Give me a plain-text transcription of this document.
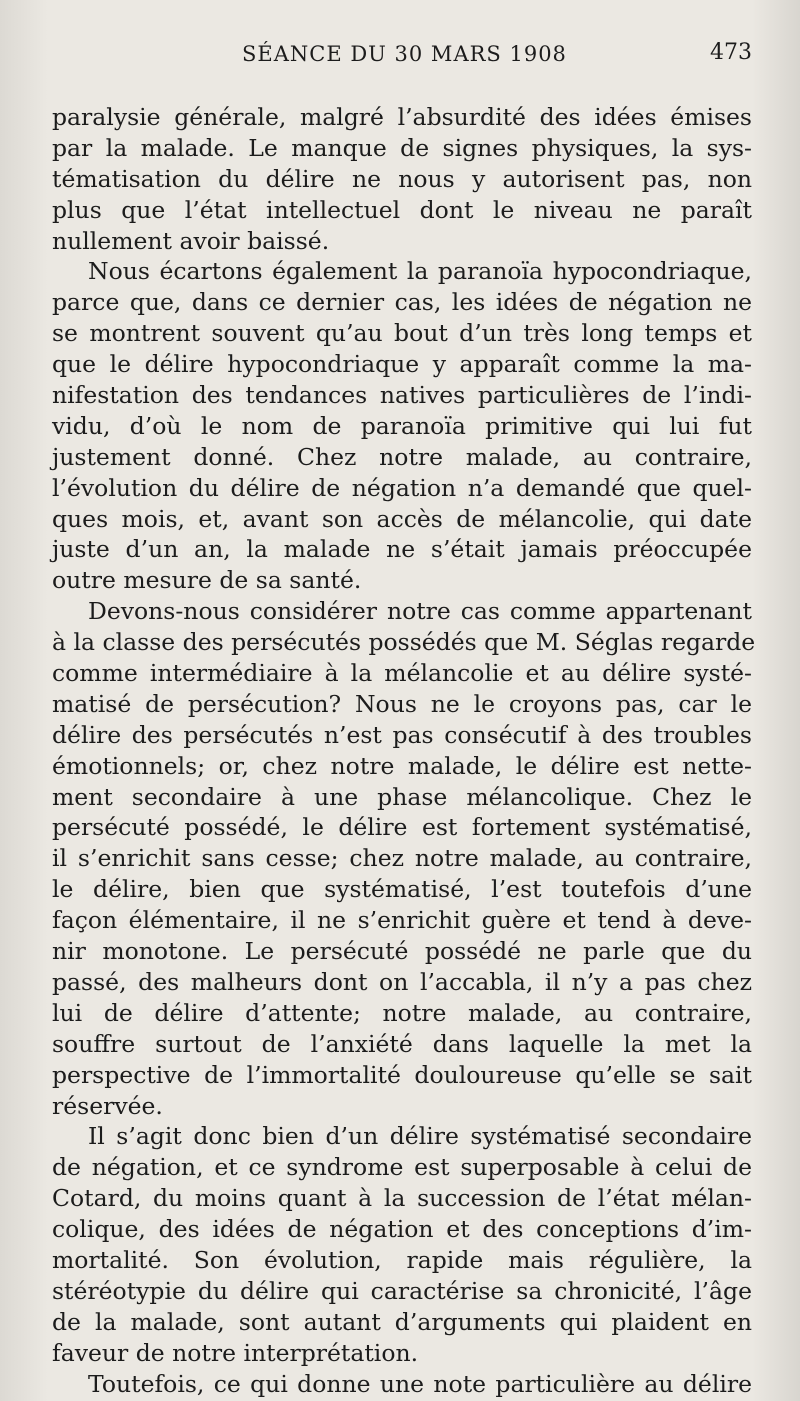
SÉANCE DU 30 MARS 1908	473
paralysie générale, malgré l’absurdité des idées émises
par la malade. Le manque de signes physiques, la sys-
tématisation du délire ne nous y autorisent pas, non
plus que l’état intellectuel dont le niveau ne paraît
nullement avoir baissé.
Nous écartons également la paranoïa hypocondriaque,
parce que, dans ce dernier cas, les idées de négation ne
se montrent souvent qu’au bout d’un très long temps et
que le délire hypocondriaque y apparaît comme la ma-
nifestation des tendances natives particulières de l’indi-
vidu, d’où le nom de paranoïa primitive qui lui fut
justement donné. Chez notre malade, au contraire,
l’évolution du délire de négation n’a demandé que quel-
ques mois, et, avant son accès de mélancolie, qui date
juste d’un an, la malade ne s’était jamais préoccupée
outre mesure de sa santé.
Devons-nous considérer notre cas comme appartenant
à la classe des persécutés possédés que M. Séglas regarde
comme intermédiaire à la mélancolie et au délire systé-
matisé de persécution? Nous ne le croyons pas, car le
délire des persécutés n’est pas consécutif à des troubles
émotionnels; or, chez notre malade, le délire est nette-
ment secondaire à une phase mélancolique. Chez le
persécuté possédé, le délire est fortement systématisé,
il s’enrichit sans cesse; chez notre malade, au contraire,
le délire, bien que systématisé, l’est toutefois d’une
façon élémentaire, il ne s’enrichit guère et tend à deve-
nir monotone. Le persécuté possédé ne parle que du
passé, des malheurs dont on l’accabla, il n’y a pas chez
lui de délire d’attente; notre malade, au contraire,
souffre surtout de l’anxiété dans laquelle la met la
perspective de l’immortalité douloureuse qu’elle se sait
réservée.
Il s’agit donc bien d’un délire systématisé secondaire
de négation, et ce syndrome est superposable à celui de
Cotard, du moins quant à la succession de l’état mélan-
colique, des idées de négation et des conceptions d’im-
mortalité. Son évolution, rapide mais régulière, la
stéréotypie du délire qui caractérise sa chronicité, l’âge
de la malade, sont autant d’arguments qui plaident en
faveur de notre interprétation.
Toutefois, ce qui donne une note particulière au délire
